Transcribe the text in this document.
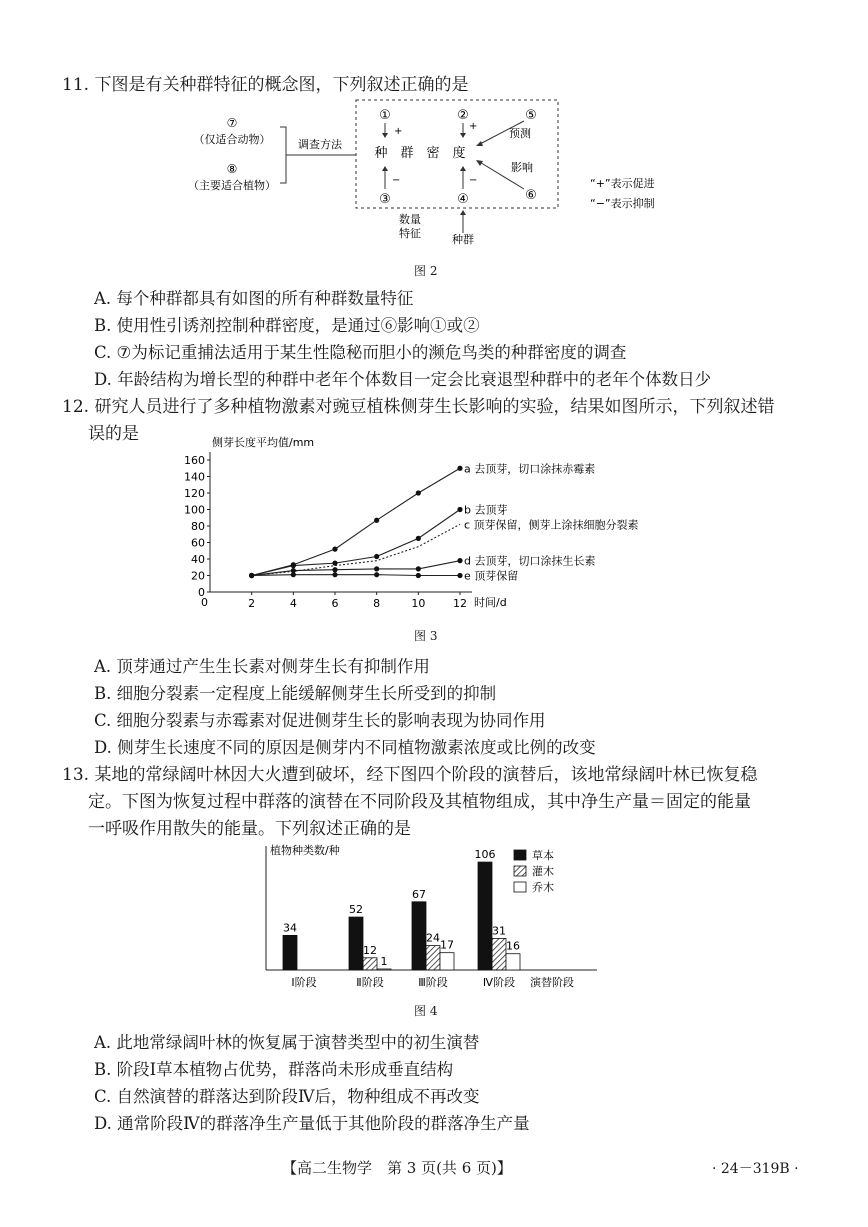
11. 下图是有关种群特征的概念图，下列叙述正确的是
⑦
（仅适合动物）
⑧
（主要适合植物）
调查方法
种　群　密　度
①
+
②
+
③
−
④
−
⑤
预测
⑥
影响
数量
特征	种群
“+”表示促进
“−”表示抑制
图 2
A. 每个种群都具有如图的所有种群数量特征
B. 使用性引诱剂控制种群密度，是通过⑥影响①或②
C. ⑦为标记重捕法适用于某生性隐秘而胆小的濒危鸟类的种群密度的调查
D. 年龄结构为增长型的种群中老年个体数目一定会比衰退型种群中的老年个体数日少
12. 研究人员进行了多种植物激素对豌豆植株侧芽生长影响的实验，结果如图所示，下列叙述错
误的是	侧芽长度平均值/mm
时间/d
0
20
40
60
80
100
120
140
160
0	2	4	6	8	10	12
a 去顶芽，切口涂抹赤霉素
b 去顶芽
c 顶芽保留，侧芽上涂抹细胞分裂素
d 去顶芽，切口涂抹生长素
e 顶芽保留
图 3
A. 顶芽通过产生生长素对侧芽生长有抑制作用
B. 细胞分裂素一定程度上能缓解侧芽生长所受到的抑制
C. 细胞分裂素与赤霉素对促进侧芽生长的影响表现为协同作用
D. 侧芽生长速度不同的原因是侧芽内不同植物激素浓度或比例的改变
13. 某地的常绿阔叶林因大火遭到破坏，经下图四个阶段的演替后，该地常绿阔叶林已恢复稳
定。下图为恢复过程中群落的演替在不同阶段及其植物组成，其中净生产量＝固定的能量
一呼吸作用散失的能量。下列叙述正确的是
植物种类数/种
34
Ⅰ阶段
52
12
1
Ⅱ阶段
67
24
17
Ⅲ阶段
106
31
16
Ⅳ阶段 演替阶段
草本
灌木
乔木
图 4
A. 此地常绿阔叶林的恢复属于演替类型中的初生演替
B. 阶段Ⅰ草本植物占优势，群落尚未形成垂直结构
C. 自然演替的群落达到阶段Ⅳ后，物种组成不再改变
D. 通常阶段Ⅳ的群落净生产量低于其他阶段的群落净生产量
【高二生物学　第 3 页(共 6 页)】	· 24－319B ·
